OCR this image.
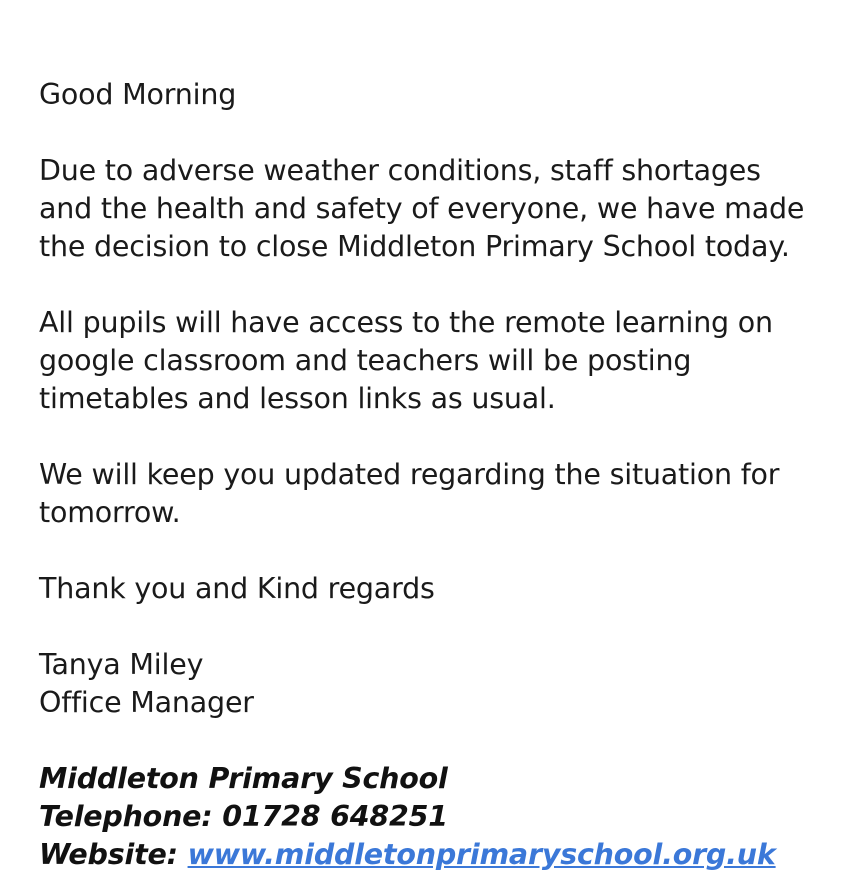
Good Morning

Due to adverse weather conditions, staff shortages

and the health and safety of everyone, we have made

the decision to close Middleton Primary School today.

All pupils will have access to the remote learning on

google classroom and teachers will be posting

timetables and lesson links as usual.

We will keep you updated regarding the situation for

tomorrow.

Thank you and Kind regards

Tanya Miley

Office Manager

Middleton Primary School

Telephone: 01728 648251

Website: www.middletonprimaryschool.org.uk
